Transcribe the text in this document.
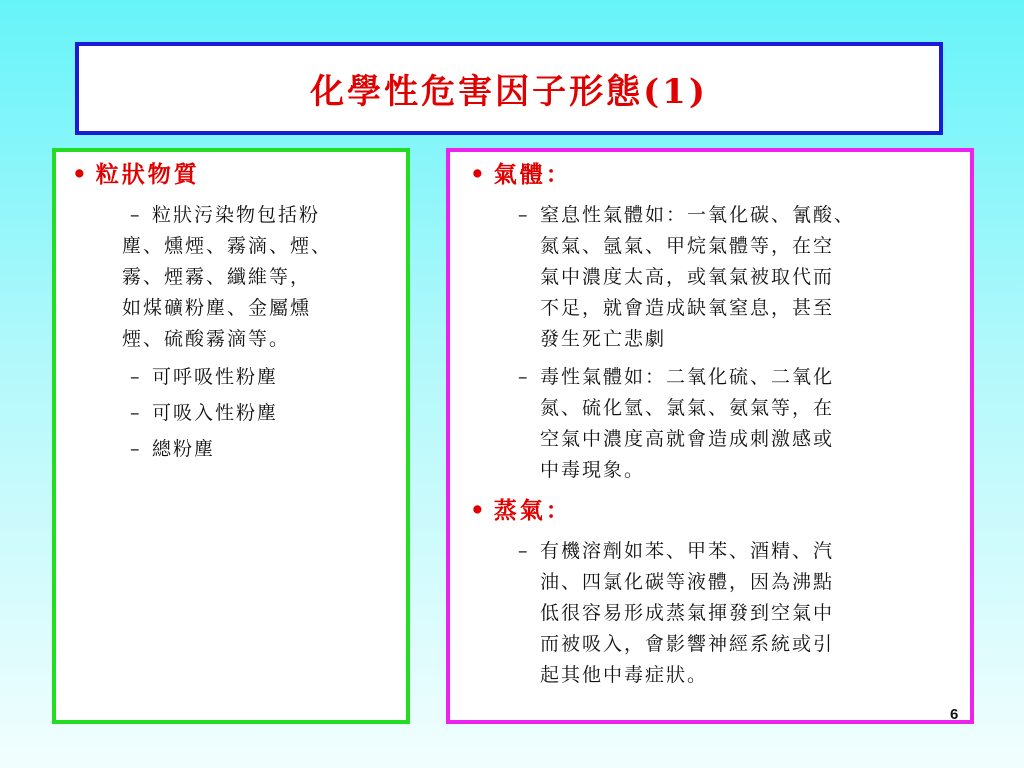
化學性危害因子形態(1)
• 粒狀物質
– 粒狀污染物包括粉
塵、燻煙、霧滴、煙、
霧、煙霧、纖維等，
如煤礦粉塵、金屬燻
煙、硫酸霧滴等。
– 可呼吸性粉塵
– 可吸入性粉塵
– 總粉塵
• 氣體：
– 窒息性氣體如：一氧化碳、氰酸、
氮氣、氬氣、甲烷氣體等，在空
氣中濃度太高，或氧氣被取代而
不足，就會造成缺氧窒息，甚至
發生死亡悲劇
– 毒性氣體如：二氧化硫、二氧化
氮、硫化氫、氯氣、氨氣等，在
空氣中濃度高就會造成刺激感或
中毒現象。
• 蒸氣：
– 有機溶劑如苯、甲苯、酒精、汽
油、四氯化碳等液體，因為沸點
低很容易形成蒸氣揮發到空氣中
而被吸入，會影響神經系統或引
起其他中毒症狀。
6
